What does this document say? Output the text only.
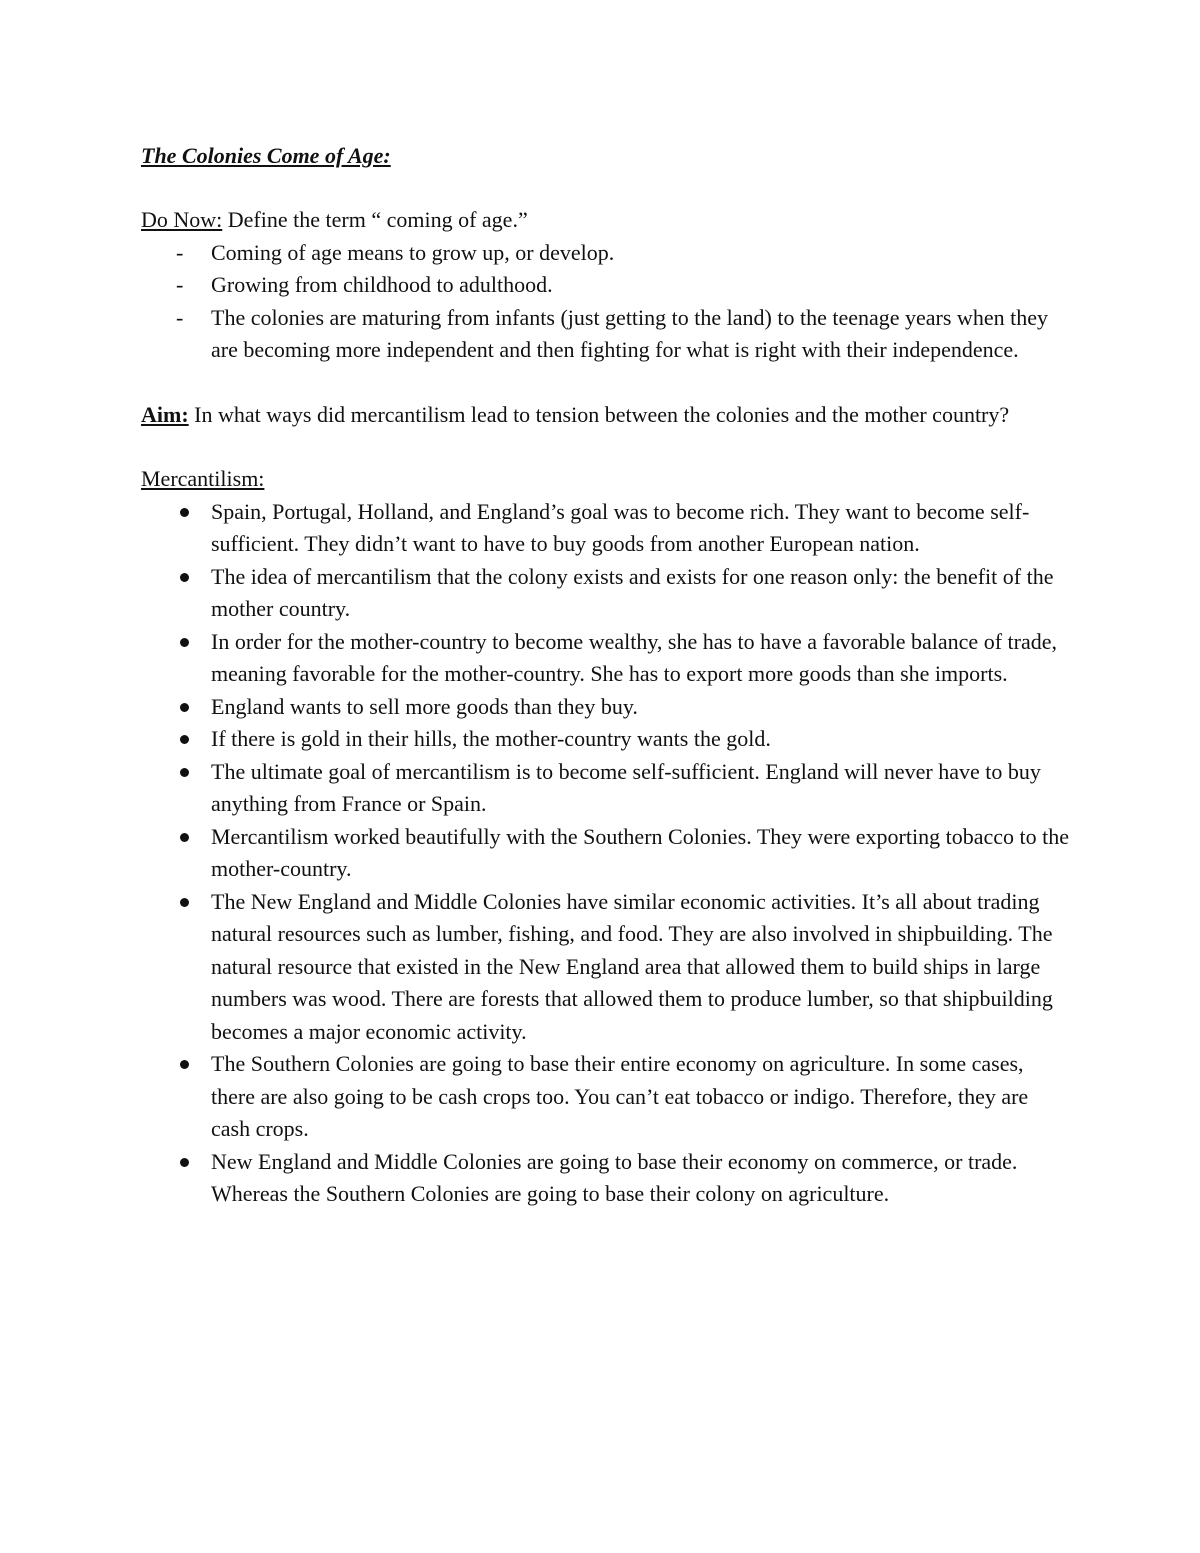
The Colonies Come of Age:

Do Now: Define the term “ coming of age.”

- Coming of age means to grow up, or develop.
- Growing from childhood to adulthood.
- The colonies are maturing from infants (just getting to the land) to the teenage years when they are becoming more independent and then fighting for what is right with their independence.

Aim: In what ways did mercantilism lead to tension between the colonies and the mother country?

Mercantilism:

Spain, Portugal, Holland, and England’s goal was to become rich. They want to become self-sufficient. They didn’t want to have to buy goods from another European nation.
The idea of mercantilism that the colony exists and exists for one reason only: the benefit of the mother country.
In order for the mother-country to become wealthy, she has to have a favorable balance of trade, meaning favorable for the mother-country. She has to export more goods than she imports.
England wants to sell more goods than they buy.
If there is gold in their hills, the mother-country wants the gold.
The ultimate goal of mercantilism is to become self-sufficient. England will never have to buy anything from France or Spain.
Mercantilism worked beautifully with the Southern Colonies. They were exporting tobacco to the mother-country.
The New England and Middle Colonies have similar economic activities. It’s all about trading natural resources such as lumber, fishing, and food. They are also involved in shipbuilding. The natural resource that existed in the New England area that allowed them to build ships in large numbers was wood. There are forests that allowed them to produce lumber, so that shipbuilding becomes a major economic activity.
The Southern Colonies are going to base their entire economy on agriculture. In some cases, there are also going to be cash crops too. You can’t eat tobacco or indigo. Therefore, they are cash crops.
New England and Middle Colonies are going to base their economy on commerce, or trade. Whereas the Southern Colonies are going to base their colony on agriculture.
